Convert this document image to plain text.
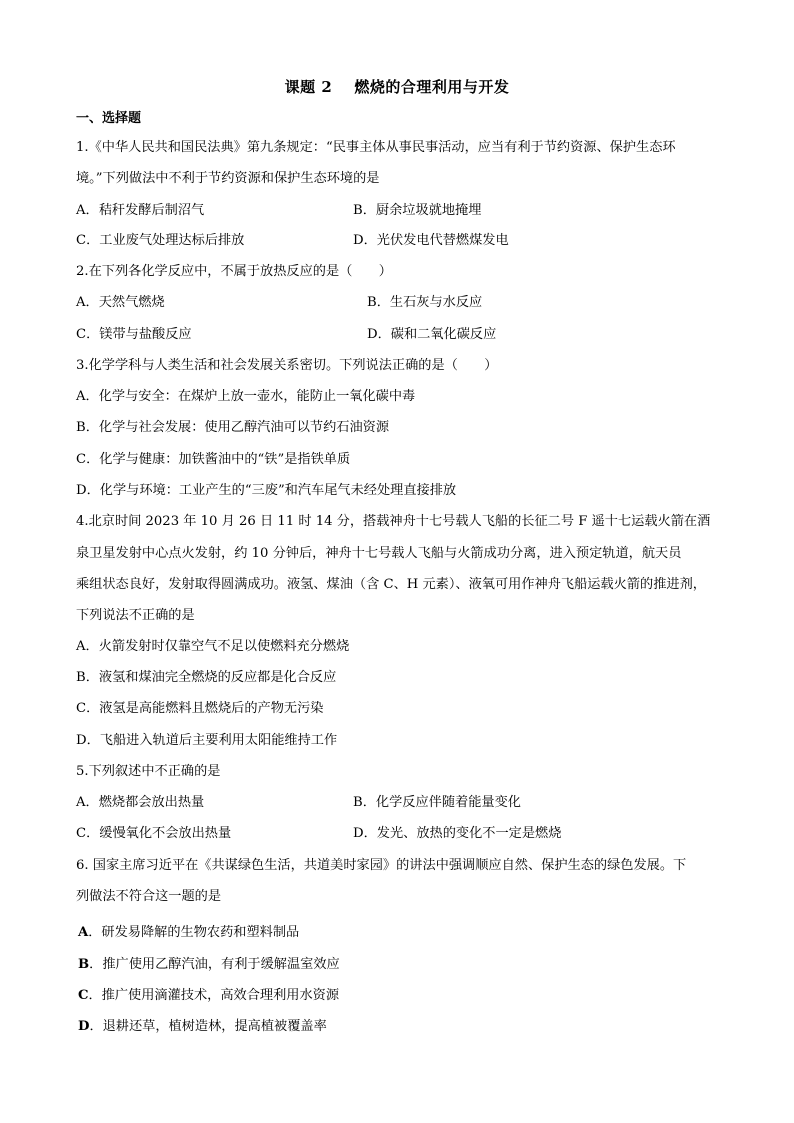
课题 2 燃烧的合理利用与开发
一、选择题
1.《中华人民共和国民法典》第九条规定：“民事主体从事民事活动，应当有利于节约资源、保护生态环
境。”下列做法中不利于节约资源和保护生态环境的是
A．秸秆发酵后制沼气	B．厨余垃圾就地掩埋
C．工业废气处理达标后排放	D．光伏发电代替燃煤发电
2.在下列各化学反应中，不属于放热反应的是（　　）
A．天然气燃烧	B．生石灰与水反应
C．镁带与盐酸反应	D．碳和二氧化碳反应
3.化学学科与人类生活和社会发展关系密切。下列说法正确的是（　　）
A．化学与安全：在煤炉上放一壶水，能防止一氧化碳中毒
B．化学与社会发展：使用乙醇汽油可以节约石油资源
C．化学与健康：加铁酱油中的“铁”是指铁单质
D．化学与环境：工业产生的“三废”和汽车尾气未经处理直接排放
4.北京时间 2023 年 10 月 26 日 11 时 14 分，搭载神舟十七号载人飞船的长征二号 F 遥十七运载火箭在酒
泉卫星发射中心点火发射，约 10 分钟后，神舟十七号载人飞船与火箭成功分离，进入预定轨道，航天员
乘组状态良好，发射取得圆满成功。液氢、煤油（含 C、H 元素）、液氧可用作神舟飞船运载火箭的推进剂，
下列说法不正确的是
A．火箭发射时仅靠空气不足以使燃料充分燃烧
B．液氢和煤油完全燃烧的反应都是化合反应
C．液氢是高能燃料且燃烧后的产物无污染
D．飞船进入轨道后主要利用太阳能维持工作
5.下列叙述中不正确的是
A．燃烧都会放出热量	B．化学反应伴随着能量变化
C．缓慢氧化不会放出热量	D．发光、放热的变化不一定是燃烧
6. 国家主席习近平在《共谋绿色生活，共道美时家园》的讲法中强调顺应自然、保护生态的绿色发展。下
列做法不符合这一题的是
A．研发易降解的生物农药和塑料制品
B．推广使用乙醇汽油，有利于缓解温室效应
C．推广使用滴灌技术，高效合理利用水资源
D．退耕还草，植树造林，提高植被覆盖率
